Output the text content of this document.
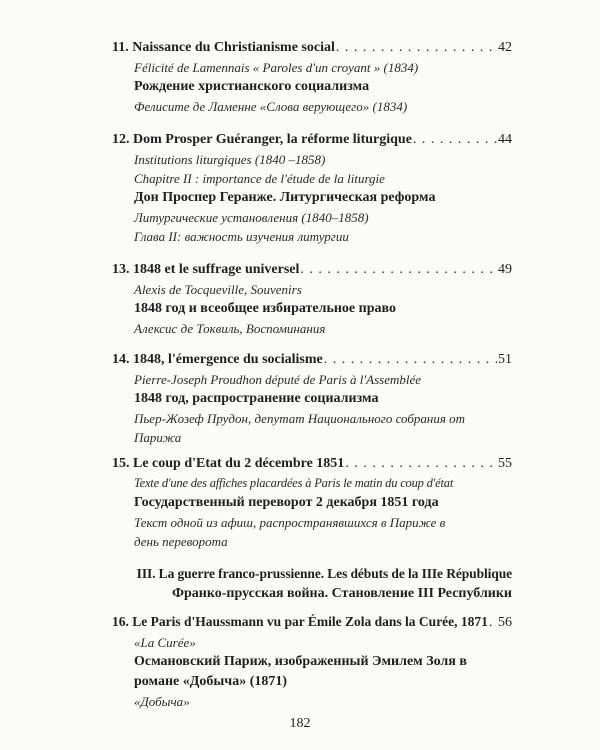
11. Naissance du Christianisme social . . .	42
Félicité de Lamennais « Paroles d'un croyant » (1834)
Рождение христианского социализма
Фелисите де Ламенне «Слова верующего» (1834)
12. Dom Prosper Guéranger, la réforme liturgique . . .	44
Institutions liturgiques (1840 –1858)
Chapitre II : importance de l'étude de la liturgie
Дон Проспер Геранже. Литургическая реформа
Литургические установления (1840–1858)
Глава II: важность изучения литургии
13. 1848 et le suffrage universel . . .	49
Alexis de Tocqueville, Souvenirs
1848 год и всеобщее избирательное право
Алексис де Токвиль, Воспоминания
14. 1848, l'émergence du socialisme . . .	51
Pierre-Joseph Proudhon député de Paris à l'Assemblée
1848 год, распространение социализма
Пьер-Жозеф Прудон, депутат Национального собрания от
Парижа
15. Le coup d'Etat du 2 décembre 1851 . . .	55
Texte d'une des affiches placardées à Paris le matin du coup d'état
Государственный переворот 2 декабря 1851 года
Текст одной из афиш, распространявшихся в Париже в
день переворота
III. La guerre franco-prussienne. Les débuts de la IIIe République
Франко-прусская война. Становление III Республики
16. Le Paris d'Haussmann vu par Émile Zola dans la Curée, 1871 . . . 56
«La Curée»
Османовский Париж, изображенный Эмилем Золя в
романе «Добыча» (1871)
«Добыча»
182
